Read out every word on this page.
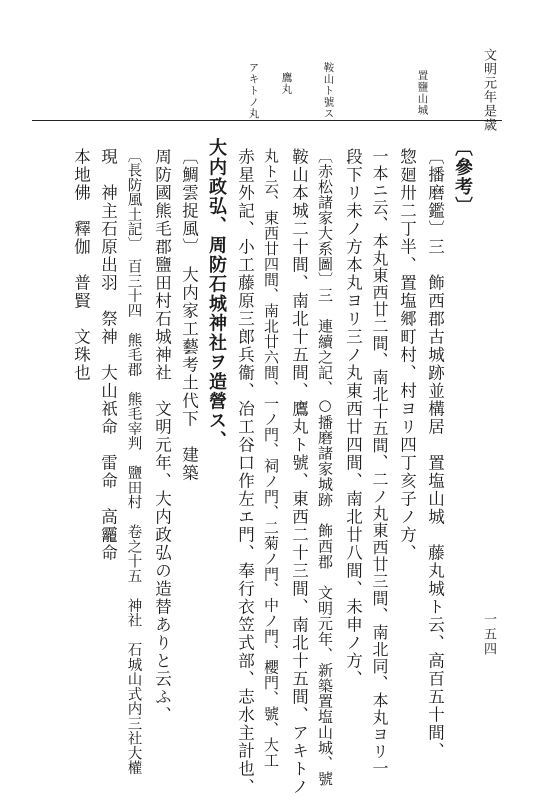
文明元年是歳
一五四
置鹽山城
鞍山ト號ス
鷹丸
アキトノ丸
〔參考〕
〔播磨鑑〕三　飾西郡古城跡並構居　置塩山城　藤丸城ト云、高百五十間、
惣廻卅二丁半、置塩郷町村、村ヨリ四丁亥子ノ方、
一本ニ云、本丸東西廿二間、南北十五間、二ノ丸東西廿三間、南北同、本丸ヨリ一
段下リ未ノ方本丸ヨリ三ノ丸東西廿四間、南北廿八間、未申ノ方、
〔赤松諸家大系圖〕三　連續之記、○播磨諸家城跡　飾西郡　文明元年、新築置塩山城、號
鞍山本城二十間、南北十五間、鷹丸ト號、東西二十三間、南北十五間、アキトノ
丸ト云、東西廿四間、南北廿六間、一ノ門、祠ノ門、二菊ノ門、中ノ門、櫻門、號、大工
赤星外記、小工藤原三郎兵衞、冶工谷口作左エ門、奉行衣笠式部、志水主計也、
大内政弘、周防石城神社ヲ造營ス、
〔鯛雲捉風〕　大内家工藝考土代下　建築
周防國熊毛郡鹽田村石城神社　文明元年、大内政弘の造替ありと云ふ、
〔長防風土記〕　百三十四　熊毛郡　熊毛宰判　鹽田村　卷之十五　神社　石城山式内三社大權
現　神主石原出羽　祭神　大山祇命　雷命　高龗命
本地佛　釋伽　普賢　文珠也
